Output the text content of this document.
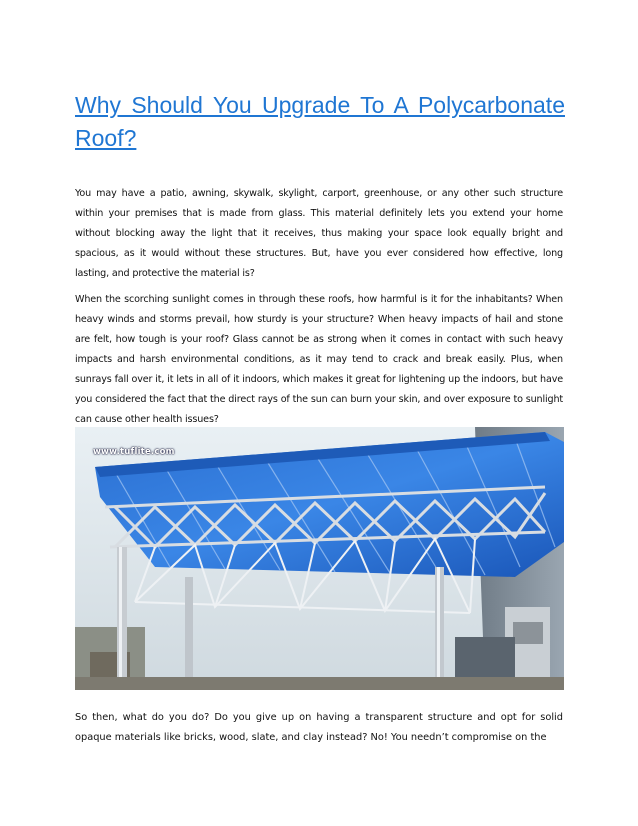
Why Should You Upgrade To A Polycarbonate Roof?

You may have a patio, awning, skywalk, skylight, carport, greenhouse, or any other such structure within your premises that is made from glass. This material definitely lets you extend your home without blocking away the light that it receives, thus making your space look equally bright and spacious, as it would without these structures. But, have you ever considered how effective, long lasting, and protective the material is?

When the scorching sunlight comes in through these roofs, how harmful is it for the inhabitants? When heavy winds and storms prevail, how sturdy is your structure? When heavy impacts of hail and stone are felt, how tough is your roof? Glass cannot be as strong when it comes in contact with such heavy impacts and harsh environmental conditions, as it may tend to crack and break easily. Plus, when sunrays fall over it, it lets in all of it indoors, which makes it great for lightening up the indoors, but have you considered the fact that the direct rays of the sun can burn your skin, and over exposure to sunlight can cause other health issues?

www.tuflite.com

So then, what do you do? Do you give up on having a transparent structure and opt for solid opaque materials like bricks, wood, slate, and clay instead? No! You needn’t compromise on the
